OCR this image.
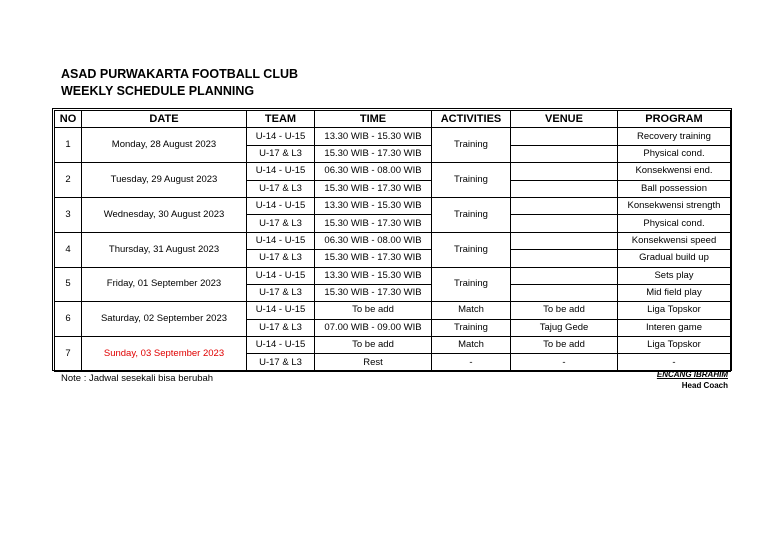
ASAD PURWAKARTA FOOTBALL CLUB
WEEKLY SCHEDULE PLANNING
NO	DATE	TEAM	TIME	ACTIVITIES	VENUE	PROGRAM
1	Monday, 28 August 2023	U-14 - U-15	13.30 WIB - 15.30 WIB	Training		Recovery training
		U-17 & L3	15.30 WIB - 17.30 WIB			Physical cond.
2	Tuesday, 29 August 2023	U-14 - U-15	06.30 WIB - 08.00 WIB	Training		Konsekwensi end.
		U-17 & L3	15.30 WIB - 17.30 WIB			Ball possession
3	Wednesday, 30 August 2023	U-14 - U-15	13.30 WIB - 15.30 WIB	Training		Konsekwensi strength
		U-17 & L3	15.30 WIB - 17.30 WIB			Physical cond.
4	Thursday, 31 August 2023	U-14 - U-15	06.30 WIB - 08.00 WIB	Training		Konsekwensi speed
		U-17 & L3	15.30 WIB - 17.30 WIB			Gradual build up
5	Friday, 01 September 2023	U-14 - U-15	13.30 WIB - 15.30 WIB	Training		Sets play
		U-17 & L3	15.30 WIB - 17.30 WIB			Mid field play
6	Saturday, 02 September 2023	U-14 - U-15	To be add	Match	To be add	Liga Topskor
		U-17 & L3	07.00 WIB - 09.00 WIB	Training	Tajug Gede	Interen game
7	Sunday, 03 September 2023	U-14 - U-15	To be add	Match	To be add	Liga Topskor
		U-17 & L3	Rest	-	-	-
Note : Jadwal sesekali bisa berubah	ENCANG IBRAHIM
Head Coach
